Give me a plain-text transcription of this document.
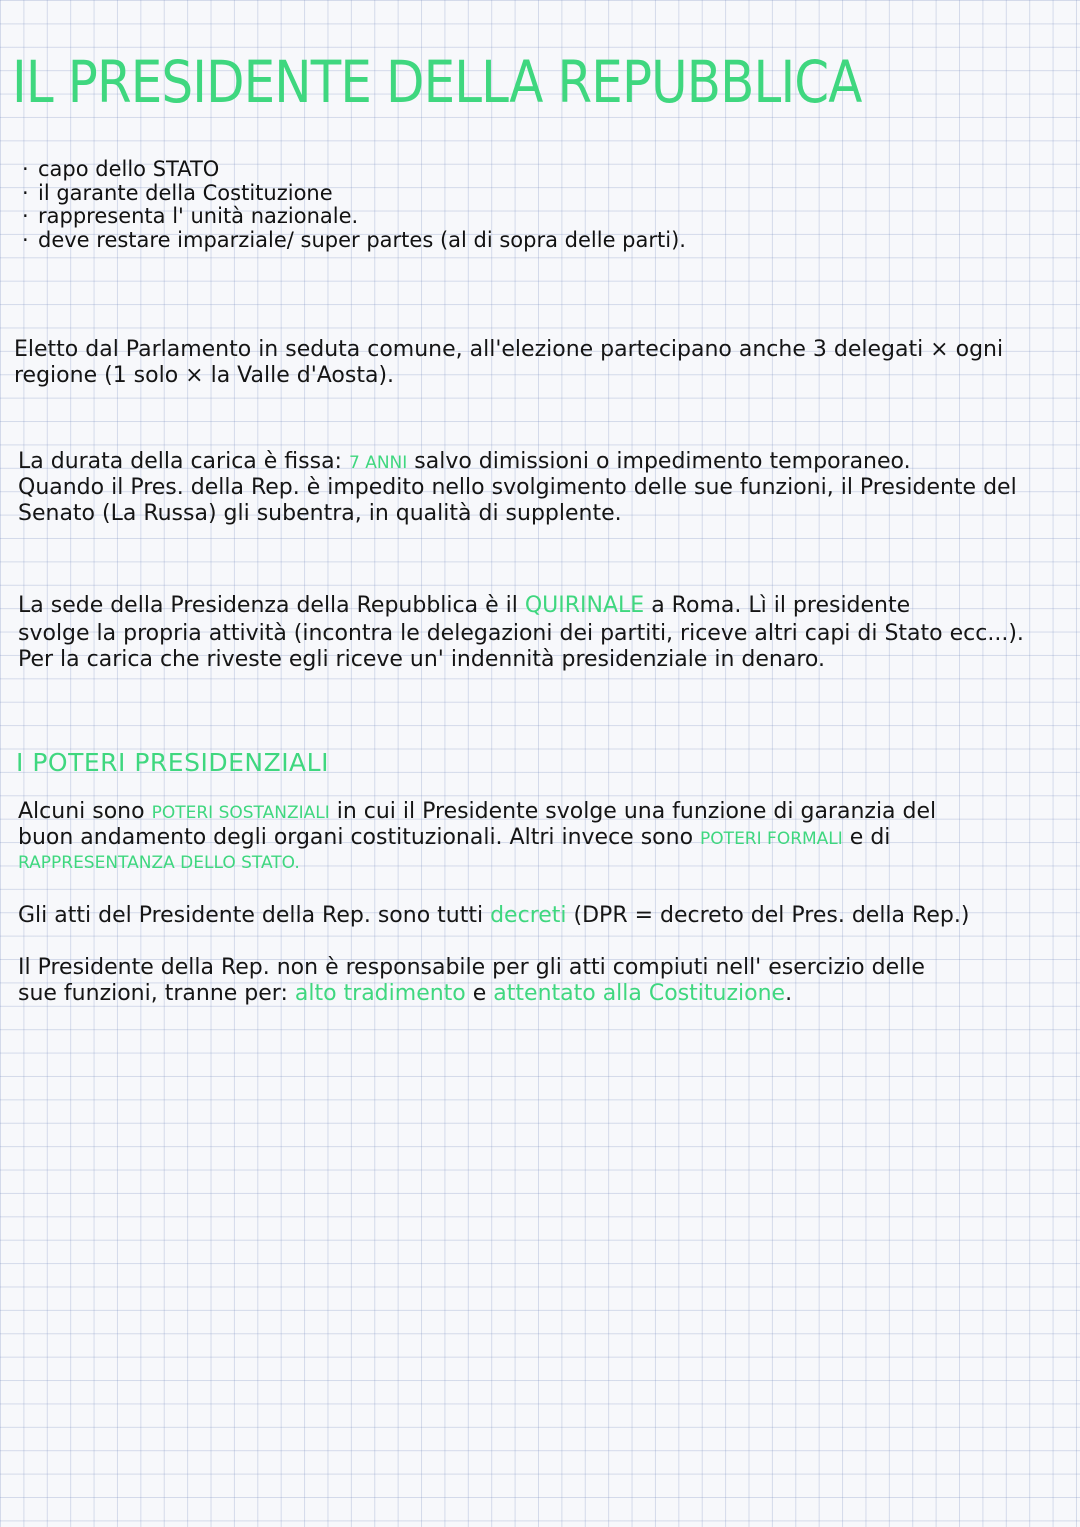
IL PRESIDENTE DELLA REPUBBLICA
· capo dello STATO
· il garante della Costituzione
· rappresenta l' unità nazionale.
· deve restare imparziale/ super partes (al di sopra delle parti).

Eletto dal Parlamento in seduta comune, all'elezione partecipano anche 3 delegati × ogni

regione (1 solo × la Valle d'Aosta).

La durata della carica è fissa: 7 ANNI salvo dimissioni o impedimento temporaneo.

Quando il Pres. della Rep. è impedito nello svolgimento delle sue funzioni, il Presidente del

Senato (La Russa) gli subentra, in qualità di supplente.

La sede della Presidenza della Repubblica è il QUIRINALE a Roma. Lì il presidente

svolge la propria attività (incontra le delegazioni dei partiti, riceve altri capi di Stato ecc...).

Per la carica che riveste egli riceve un' indennità presidenziale in denaro.

I POTERI PRESIDENZIALI

Alcuni sono POTERI SOSTANZIALI in cui il Presidente svolge una funzione di garanzia del

buon andamento degli organi costituzionali. Altri invece sono POTERI FORMALI e di

RAPPRESENTANZA DELLO STATO.

Gli atti del Presidente della Rep. sono tutti decreti (DPR = decreto del Pres. della Rep.)

Il Presidente della Rep. non è responsabile per gli atti compiuti nell' esercizio delle

sue funzioni, tranne per: alto tradimento e attentato alla Costituzione.
